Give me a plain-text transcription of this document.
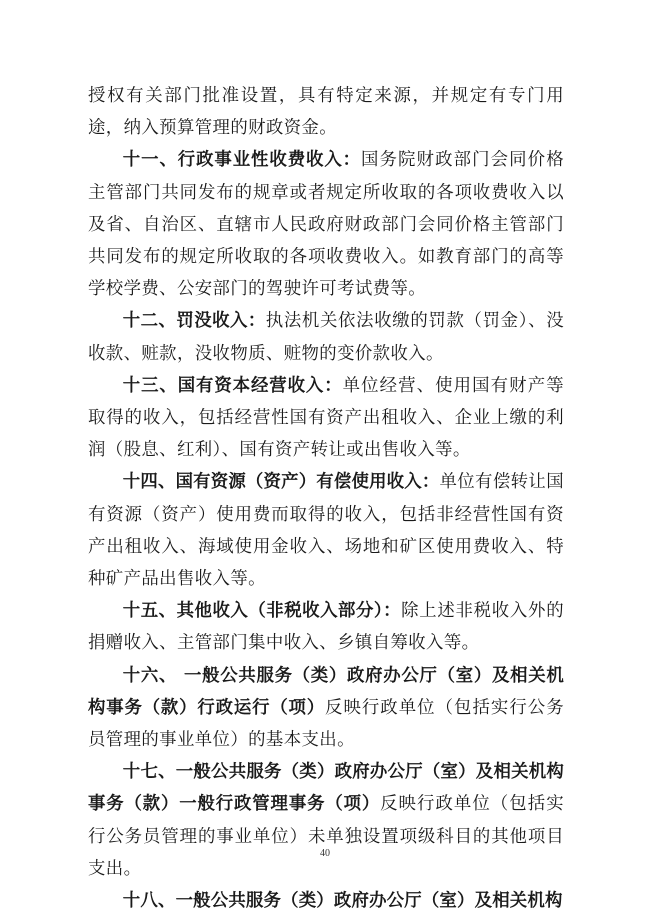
授权有关部门批准设置，具有特定来源，并规定有专门用途，纳入预算管理的财政资金。

十一、行政事业性收费收入：国务院财政部门会同价格主管部门共同发布的规章或者规定所收取的各项收费收入以及省、自治区、直辖市人民政府财政部门会同价格主管部门共同发布的规定所收取的各项收费收入。如教育部门的高等学校学费、公安部门的驾驶许可考试费等。

十二、罚没收入：执法机关依法收缴的罚款（罚金）、没收款、赃款，没收物质、赃物的变价款收入。

十三、国有资本经营收入：单位经营、使用国有财产等取得的收入，包括经营性国有资产出租收入、企业上缴的利润（股息、红利）、国有资产转让或出售收入等。

十四、国有资源（资产）有偿使用收入：单位有偿转让国有资源（资产）使用费而取得的收入，包括非经营性国有资产出租收入、海域使用金收入、场地和矿区使用费收入、特种矿产品出售收入等。

十五、其他收入（非税收入部分）：除上述非税收入外的捐赠收入、主管部门集中收入、乡镇自筹收入等。

十六、 一般公共服务（类）政府办公厅（室）及相关机构事务（款）行政运行（项）反映行政单位（包括实行公务员管理的事业单位）的基本支出。

十七、一般公共服务（类）政府办公厅（室）及相关机构事务（款）一般行政管理事务（项）反映行政单位（包括实行公务员管理的事业单位）未单独设置项级科目的其他项目支出。

十八、一般公共服务（类）政府办公厅（室）及相关机构

40
